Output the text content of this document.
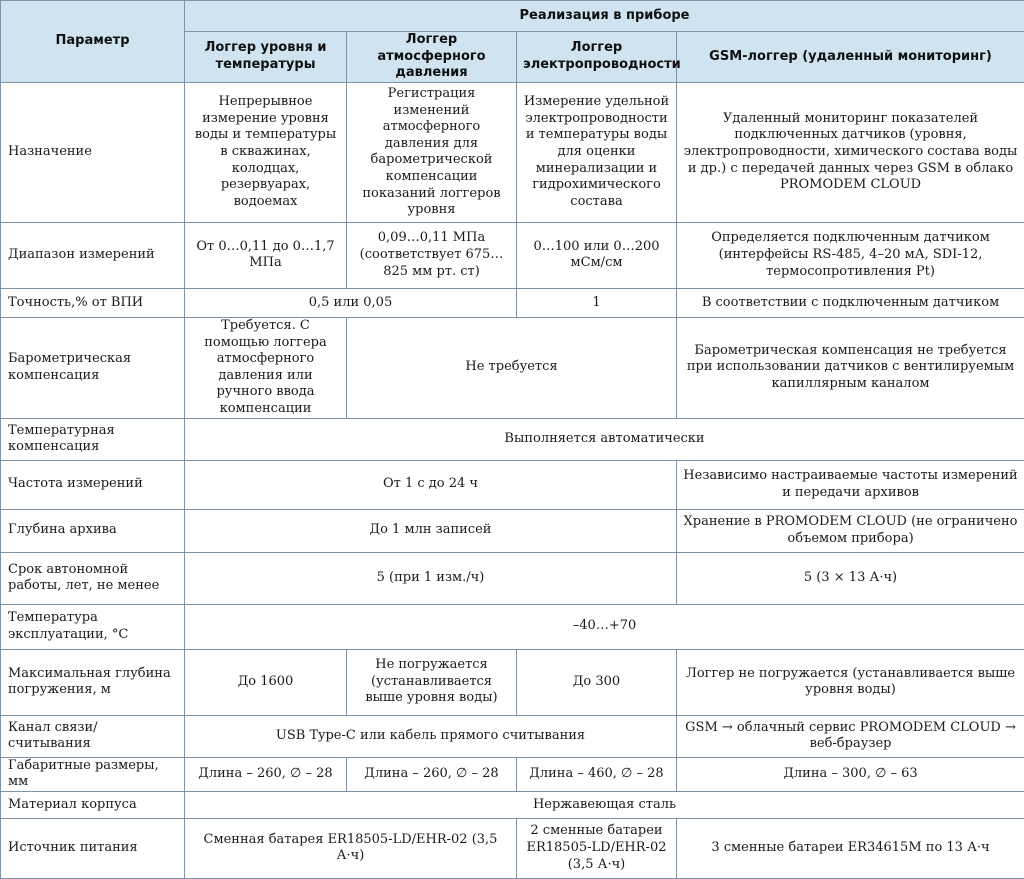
Параметр	Реализация в приборе			
	Логгер уровня и температуры	Логгер атмосферного давления	Логгер электропроводности	GSM-логгер (удаленный мониторинг)
Назначение	Непрерывное измерение уровня воды и температуры в скважинах, колодцах, резервуарах, водоемах	Регистрация изменений атмосферного давления для барометрической компенсации показаний логгеров уровня	Измерение удельной электропроводности и температуры воды для оценки минерализации и гидрохимического состава	Удаленный мониторинг показателей подключенных датчиков (уровня, электропроводности, химического состава воды и др.) с передачей данных через GSM в облако PROMODEM CLOUD
Диапазон измерений	От 0…0,11 до 0…1,7 МПа	0,09…0,11 МПа (соответствует 675…825 мм рт. ст)	0…100 или 0…200 мСм/см	Определяется подключенным датчиком (интерфейсы RS-485, 4–20 мА, SDI-12, термосопротивления Pt)
Точность,% от ВПИ	0,5 или 0,05		1	В соответствии с подключенным датчиком
Барометрическая компенсация	Требуется. С помощью логгера атмосферного давления или ручного ввода компенсации	Не требуется		Барометрическая компенсация не требуется при использовании датчиков с вентилируемым капиллярным каналом
Температурная компенсация	Выполняется автоматически			
Частота измерений	От 1 с до 24 ч			Независимо настраиваемые частоты измерений и передачи архивов
Глубина архива	До 1 млн записей			Хранение в PROMODEM CLOUD (не ограничено объемом прибора)
Срок автономной работы, лет, не менее	5 (при 1 изм./ч)			5 (3 × 13 А·ч)
Температура эксплуатации, °С	–40…+70			
Максимальная глубина погружения, м	До 1600	Не погружается (устанавливается выше уровня воды)	До 300	Логгер не погружается (устанавливается выше уровня воды)
Канал связи/считывания	USB Type-C или кабель прямого считывания			GSM → облачный сервис PROMODEM CLOUD → веб-браузер
Габаритные размеры, мм	Длина – 260, ∅ – 28	Длина – 260, ∅ – 28	Длина – 460, ∅ – 28	Длина – 300, ∅ – 63
Материал корпуса	Нержавеющая сталь			
Источник питания	Сменная батарея ER18505-LD/EHR-02 (3,5 А·ч)		2 сменные батареи ER18505-LD/EHR-02 (3,5 А·ч)	3 сменные батареи ER34615M по 13 А·ч
